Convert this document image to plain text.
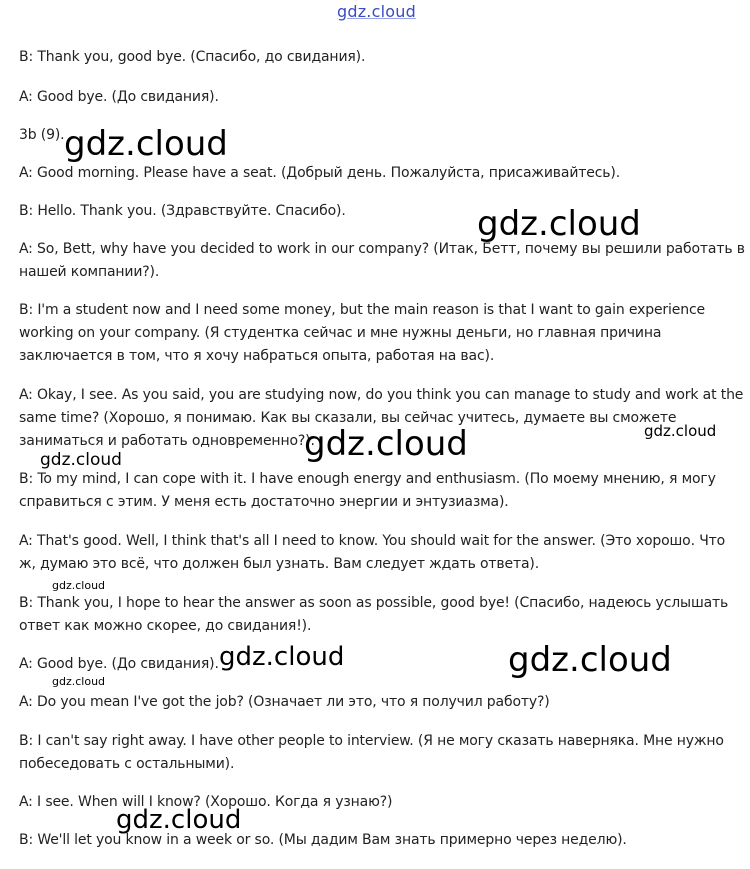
B: Thank you, good bye. (Спасибо, до свидания).
A: Good bye. (До свидания).
3b (9).
A: Good morning. Please have a seat. (Добрый день. Пожалуйста, присаживайтесь).
B: Hello. Thank you. (Здравствуйте. Спасибо).
A: So, Bett, why have you decided to work in our company? (Итак, Бетт, почему вы решили работать в
нашей компании?).
B: I'm a student now and I need some money, but the main reason is that I want to gain experience
working on your company. (Я студентка сейчас и мне нужны деньги, но главная причина
заключается в том, что я хочу набраться опыта, работая на вас).
A: Okay, I see. As you said, you are studying now, do you think you can manage to study and work at the
same time? (Хорошо, я понимаю. Как вы сказали, вы сейчас учитесь, думаете вы сможете
заниматься и работать одновременно?).
B: To my mind, I can cope with it. I have enough energy and enthusiasm. (По моему мнению, я могу
справиться с этим. У меня есть достаточно энергии и энтузиазма).
A: That's good. Well, I think that's all I need to know. You should wait for the answer. (Это хорошо. Что
ж, думаю это всё, что должен был узнать. Вам следует ждать ответа).
B: Thank you, I hope to hear the answer as soon as possible, good bye! (Спасибо, надеюсь услышать
ответ как можно скорее, до свидания!).
A: Good bye. (До свидания).
A: Do you mean I've got the job? (Означает ли это, что я получил работу?)
B: I can't say right away. I have other people to interview. (Я не могу сказать наверняка. Мне нужно
побеседовать с остальными).
A: I see. When will I know? (Хорошо. Когда я узнаю?)
B: We'll let you know in a week or so. (Мы дадим Вам знать примерно через неделю).
gdz.cloud
gdz.cloud
gdz.cloud
gdz.cloud	gdz.cloud
gdz.cloud
gdz.cloud
gdz.cloud	gdz.cloud
gdz.cloud
gdz.cloud
